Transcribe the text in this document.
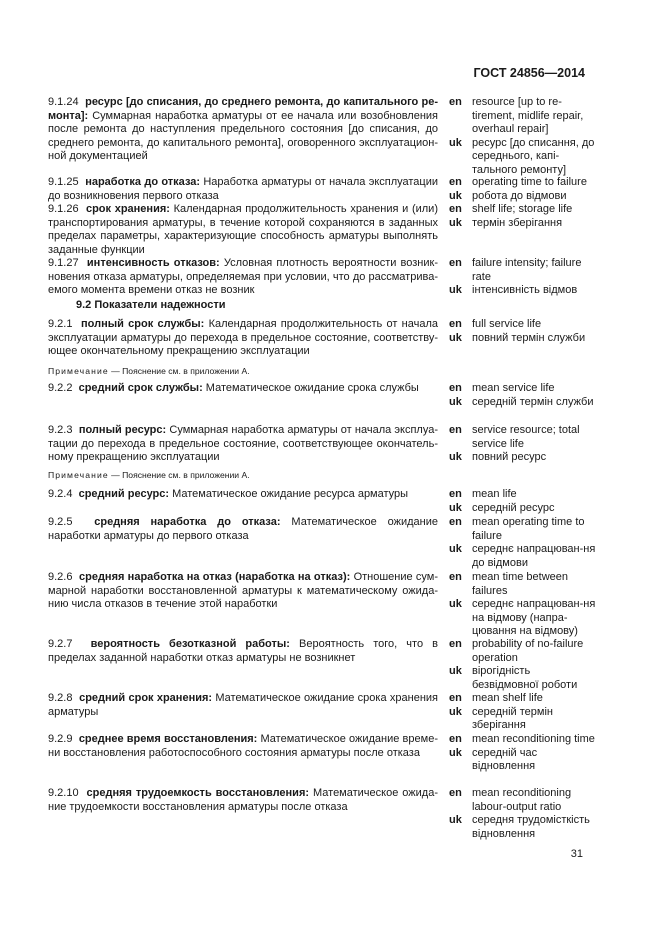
ГОСТ 24856—2014
9.1.24 ресурс [до списания, до среднего ремонта, до капитального ре-монта]: Суммарная наработка арматуры от ее начала или возобновления после ремонта до наступления предельного состояния [до списания, до среднего ремонта, до капитального ремонта], оговоренного эксплуатацион-ной документацией
en resource [up to re-tirement, midlife repair, overhaul repair]
uk ресурс [до списання, до середнього, капі-тального ремонту]
9.1.25 наработка до отказа: Наработка арматуры от начала эксплуатации до возникновения первого отказа
en operating time to failure
uk робота до відмови
9.1.26 срок хранения: Календарная продолжительность хранения и (или) транспортирования арматуры, в течение которой сохраняются в заданных пределах параметры, характеризующие способность арматуры выполнять заданные функции
en shelf life; storage life
uk термін зберігання
9.1.27 интенсивность отказов: Условная плотность вероятности возник-новения отказа арматуры, определяемая при условии, что до рассматрива-емого момента времени отказ не возник
en failure intensity; failure rate
uk інтенсивність відмов
9.2 Показатели надежности
9.2.1 полный срок службы: Календарная продолжительность от начала эксплуатации арматуры до перехода в предельное состояние, соответству-ющее окончательному прекращению эксплуатации
en full service life
uk повний термін служби
Примечание — Пояснение см. в приложении А.
9.2.2 средний срок службы: Математическое ожидание срока службы	en mean service life
uk середній термін служби
9.2.3 полный ресурс: Суммарная наработка арматуры от начала эксплуа-тации до перехода в предельное состояние, соответствующее окончатель-ному прекращению эксплуатации
en service resource; total service life
uk повний ресурс
Примечание — Пояснение см. в приложении А.
9.2.4 средний ресурс: Математическое ожидание ресурса арматуры	en mean life
uk середній ресурс
9.2.5 средняя наработка до отказа: Математическое ожидание наработки арматуры до первого отказа
en mean operating time to failure
uk середнє напрацюван-ня до відмови
9.2.6 средняя наработка на отказ (наработка на отказ): Отношение сум-марной наработки восстановленной арматуры к математическому ожида-нию числа отказов в течение этой наработки
en mean time between failures
uk середнє напрацюван-ня на відмову (напра-цювання на відмову)
9.2.7 вероятность безотказной работы: Вероятность того, что в пределах заданной наработки отказ арматуры не возникнет
en probability of no-failure operation
uk вірогідність безвідмовної роботи
9.2.8 средний срок хранения: Математическое ожидание срока хранения арматуры
en mean shelf life
uk середній термін зберігання
9.2.9 среднее время восстановления: Математическое ожидание време-ни восстановления работоспособного состояния арматуры после отказа
en mean reconditioning time
uk середній час відновлення
9.2.10 средняя трудоемкость восстановления: Математическое ожида-ние трудоемкости восстановления арматуры после отказа
en mean reconditioning labour-output ratio
uk середня трудомісткість відновлення
31
